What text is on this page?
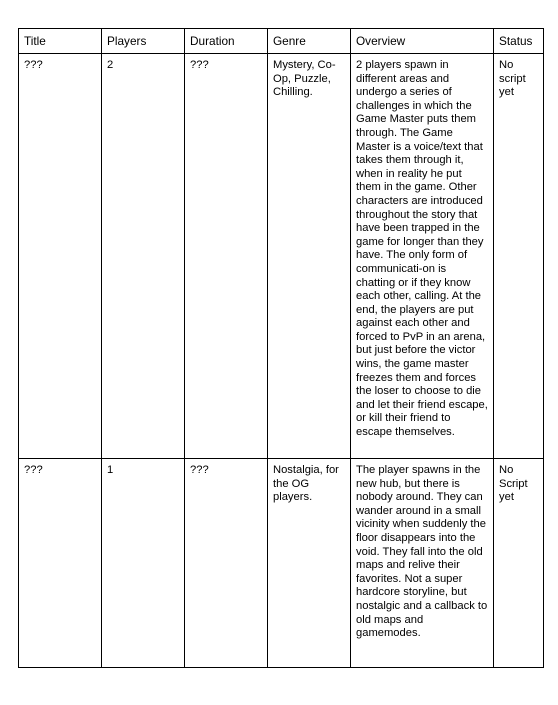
Title	Players	Duration	Genre	Overview	Status

???	2	???	Mystery, Co-Op, Puzzle, Chilling.	2 players spawn in different areas and undergo a series of challenges in which the Game Master puts them through. The Game Master is a voice/text that takes them through it, when in reality he put them in the game. Other characters are introduced throughout the story that have been trapped in the game for longer than they have. The only form of communicati-on is chatting or if they know each other, calling. At the end, the players are put against each other and forced to PvP in an arena, but just before the victor wins, the game master freezes them and forces the loser to choose to die and let their friend escape, or kill their friend to escape themselves.	No script yet

???	1	???	Nostalgia, for the OG players.	The player spawns in the new hub, but there is nobody around. They can wander around in a small vicinity when suddenly the floor disappears into the void. They fall into the old maps and relive their favorites. Not a super hardcore storyline, but nostalgic and a callback to old maps and gamemodes.	No Script yet
